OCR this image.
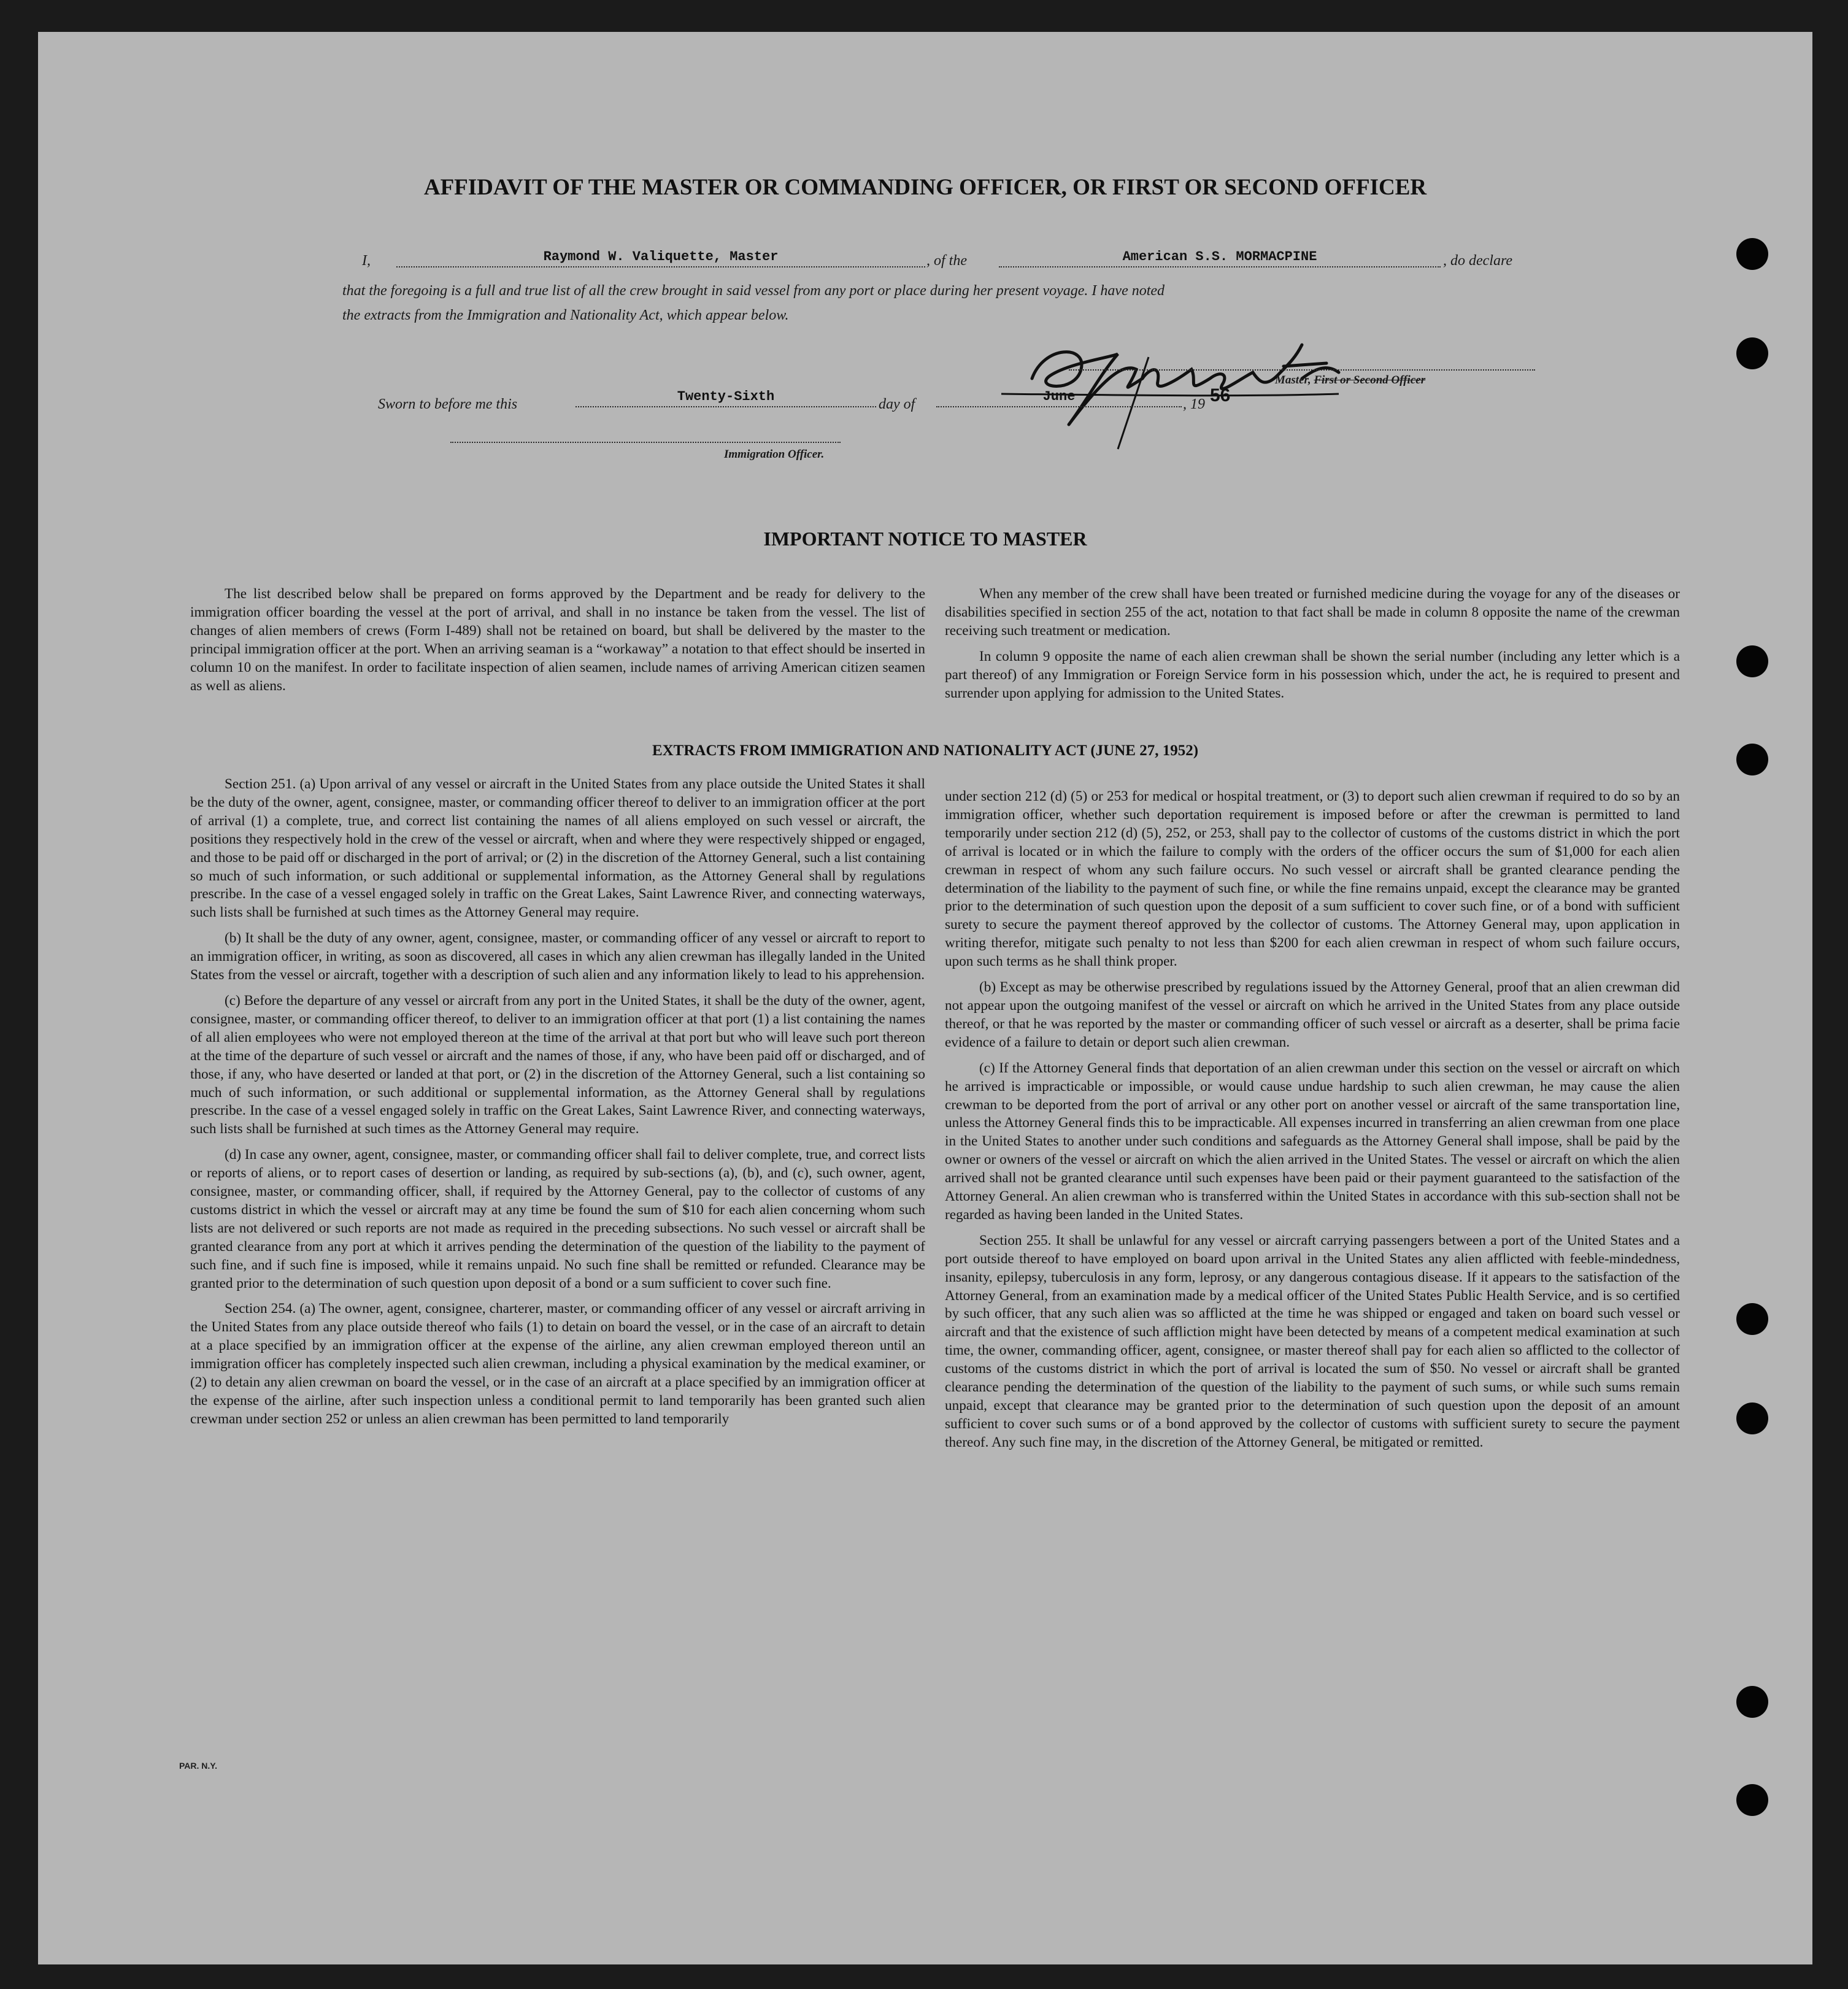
AFFIDAVIT OF THE MASTER OR COMMANDING OFFICER, OR FIRST OR SECOND OFFICER
I,	Raymond W. Valiquette, Master	, of the	American S.S. MORMACPINE	, do declare
that the foregoing is a full and true list of all the crew brought in said vessel from any port or place during her present voyage. I have noted
the extracts from the Immigration and Nationality Act, which appear below.
Master, First or Second Officer
Sworn to before me this	Twenty-Sixth	day of	June	, 19 56
Immigration Officer.
IMPORTANT NOTICE TO MASTER

The list described below shall be prepared on forms approved by the Department and be ready for delivery to the immigration officer boarding the vessel at the port of arrival, and shall in no instance be taken from the vessel. The list of changes of alien members of crews (Form I-489) shall not be retained on board, but shall be delivered by the master to the principal immigration officer at the port. When an arriving seaman is a “workaway” a notation to that effect should be inserted in column 10 on the manifest. In order to facilitate inspection of alien seamen, include names of arriving American citizen seamen as well as aliens.

When any member of the crew shall have been treated or furnished medicine during the voyage for any of the diseases or disabilities specified in section 255 of the act, notation to that fact shall be made in column 8 opposite the name of the crewman receiving such treatment or medication.

In column 9 opposite the name of each alien crewman shall be shown the serial number (including any letter which is a part thereof) of any Immigration or Foreign Service form in his possession which, under the act, he is required to present and surrender upon applying for admission to the United States.

EXTRACTS FROM IMMIGRATION AND NATIONALITY ACT (JUNE 27, 1952)

Section 251. (a) Upon arrival of any vessel or aircraft in the United States from any place outside the United States it shall be the duty of the owner, agent, consignee, master, or commanding officer thereof to deliver to an immigration officer at the port of arrival (1) a complete, true, and correct list containing the names of all aliens employed on such vessel or aircraft, the positions they respectively hold in the crew of the vessel or aircraft, when and where they were respectively shipped or engaged, and those to be paid off or discharged in the port of arrival; or (2) in the discretion of the Attorney General, such a list containing so much of such information, or such additional or supplemental information, as the Attorney General shall by regulations prescribe. In the case of a vessel engaged solely in traffic on the Great Lakes, Saint Lawrence River, and connecting waterways, such lists shall be furnished at such times as the Attorney General may require.

(b) It shall be the duty of any owner, agent, consignee, master, or commanding officer of any vessel or aircraft to report to an immigration officer, in writing, as soon as discovered, all cases in which any alien crewman has illegally landed in the United States from the vessel or aircraft, together with a description of such alien and any information likely to lead to his apprehension.

(c) Before the departure of any vessel or aircraft from any port in the United States, it shall be the duty of the owner, agent, consignee, master, or commanding officer thereof, to deliver to an immigration officer at that port (1) a list containing the names of all alien employees who were not employed thereon at the time of the arrival at that port but who will leave such port thereon at the time of the departure of such vessel or aircraft and the names of those, if any, who have been paid off or discharged, and of those, if any, who have deserted or landed at that port, or (2) in the discretion of the Attorney General, such a list containing so much of such information, or such additional or supplemental information, as the Attorney General shall by regulations prescribe. In the case of a vessel engaged solely in traffic on the Great Lakes, Saint Lawrence River, and connecting waterways, such lists shall be furnished at such times as the Attorney General may require.

(d) In case any owner, agent, consignee, master, or commanding officer shall fail to deliver complete, true, and correct lists or reports of aliens, or to report cases of desertion or landing, as required by sub-sections (a), (b), and (c), such owner, agent, consignee, master, or commanding officer, shall, if required by the Attorney General, pay to the collector of customs of any customs district in which the vessel or aircraft may at any time be found the sum of $10 for each alien concerning whom such lists are not delivered or such reports are not made as required in the preceding subsections. No such vessel or aircraft shall be granted clearance from any port at which it arrives pending the determination of the question of the liability to the payment of such fine, and if such fine is imposed, while it remains unpaid. No such fine shall be remitted or refunded. Clearance may be granted prior to the determination of such question upon deposit of a bond or a sum sufficient to cover such fine.

Section 254. (a) The owner, agent, consignee, charterer, master, or commanding officer of any vessel or aircraft arriving in the United States from any place outside thereof who fails (1) to detain on board the vessel, or in the case of an aircraft to detain at a place specified by an immigration officer at the expense of the airline, any alien crewman employed thereon until an immigration officer has completely inspected such alien crewman, including a physical examination by the medical examiner, or (2) to detain any alien crewman on board the vessel, or in the case of an aircraft at a place specified by an immigration officer at the expense of the airline, after such inspection unless a conditional permit to land temporarily has been granted such alien crewman under section 252 or unless an alien crewman has been permitted to land temporarily

under section 212 (d) (5) or 253 for medical or hospital treatment, or (3) to deport such alien crewman if required to do so by an immigration officer, whether such deportation requirement is imposed before or after the crewman is permitted to land temporarily under section 212 (d) (5), 252, or 253, shall pay to the collector of customs of the customs district in which the port of arrival is located or in which the failure to comply with the orders of the officer occurs the sum of $1,000 for each alien crewman in respect of whom any such failure occurs. No such vessel or aircraft shall be granted clearance pending the determination of the liability to the payment of such fine, or while the fine remains unpaid, except the clearance may be granted prior to the determination of such question upon the deposit of a sum sufficient to cover such fine, or of a bond with sufficient surety to secure the payment thereof approved by the collector of customs. The Attorney General may, upon application in writing therefor, mitigate such penalty to not less than $200 for each alien crewman in respect of whom such failure occurs, upon such terms as he shall think proper.

(b) Except as may be otherwise prescribed by regulations issued by the Attorney General, proof that an alien crewman did not appear upon the outgoing manifest of the vessel or aircraft on which he arrived in the United States from any place outside thereof, or that he was reported by the master or commanding officer of such vessel or aircraft as a deserter, shall be prima facie evidence of a failure to detain or deport such alien crewman.

(c) If the Attorney General finds that deportation of an alien crewman under this section on the vessel or aircraft on which he arrived is impracticable or impossible, or would cause undue hardship to such alien crewman, he may cause the alien crewman to be deported from the port of arrival or any other port on another vessel or aircraft of the same transportation line, unless the Attorney General finds this to be impracticable. All expenses incurred in transferring an alien crewman from one place in the United States to another under such conditions and safeguards as the Attorney General shall impose, shall be paid by the owner or owners of the vessel or aircraft on which the alien arrived in the United States. The vessel or aircraft on which the alien arrived shall not be granted clearance until such expenses have been paid or their payment guaranteed to the satisfaction of the Attorney General. An alien crewman who is transferred within the United States in accordance with this sub-section shall not be regarded as having been landed in the United States.

Section 255. It shall be unlawful for any vessel or aircraft carrying passengers between a port of the United States and a port outside thereof to have employed on board upon arrival in the United States any alien afflicted with feeble-mindedness, insanity, epilepsy, tuberculosis in any form, leprosy, or any dangerous contagious disease. If it appears to the satisfaction of the Attorney General, from an examination made by a medical officer of the United States Public Health Service, and is so certified by such officer, that any such alien was so afflicted at the time he was shipped or engaged and taken on board such vessel or aircraft and that the existence of such affliction might have been detected by means of a competent medical examination at such time, the owner, commanding officer, agent, consignee, or master thereof shall pay for each alien so afflicted to the collector of customs of the customs district in which the port of arrival is located the sum of $50. No vessel or aircraft shall be granted clearance pending the determination of the question of the liability to the payment of such sums, or while such sums remain unpaid, except that clearance may be granted prior to the determination of such question upon the deposit of an amount sufficient to cover such sums or of a bond approved by the collector of customs with sufficient surety to secure the payment thereof. Any such fine may, in the discretion of the Attorney General, be mitigated or remitted.

PAR. N.Y.
